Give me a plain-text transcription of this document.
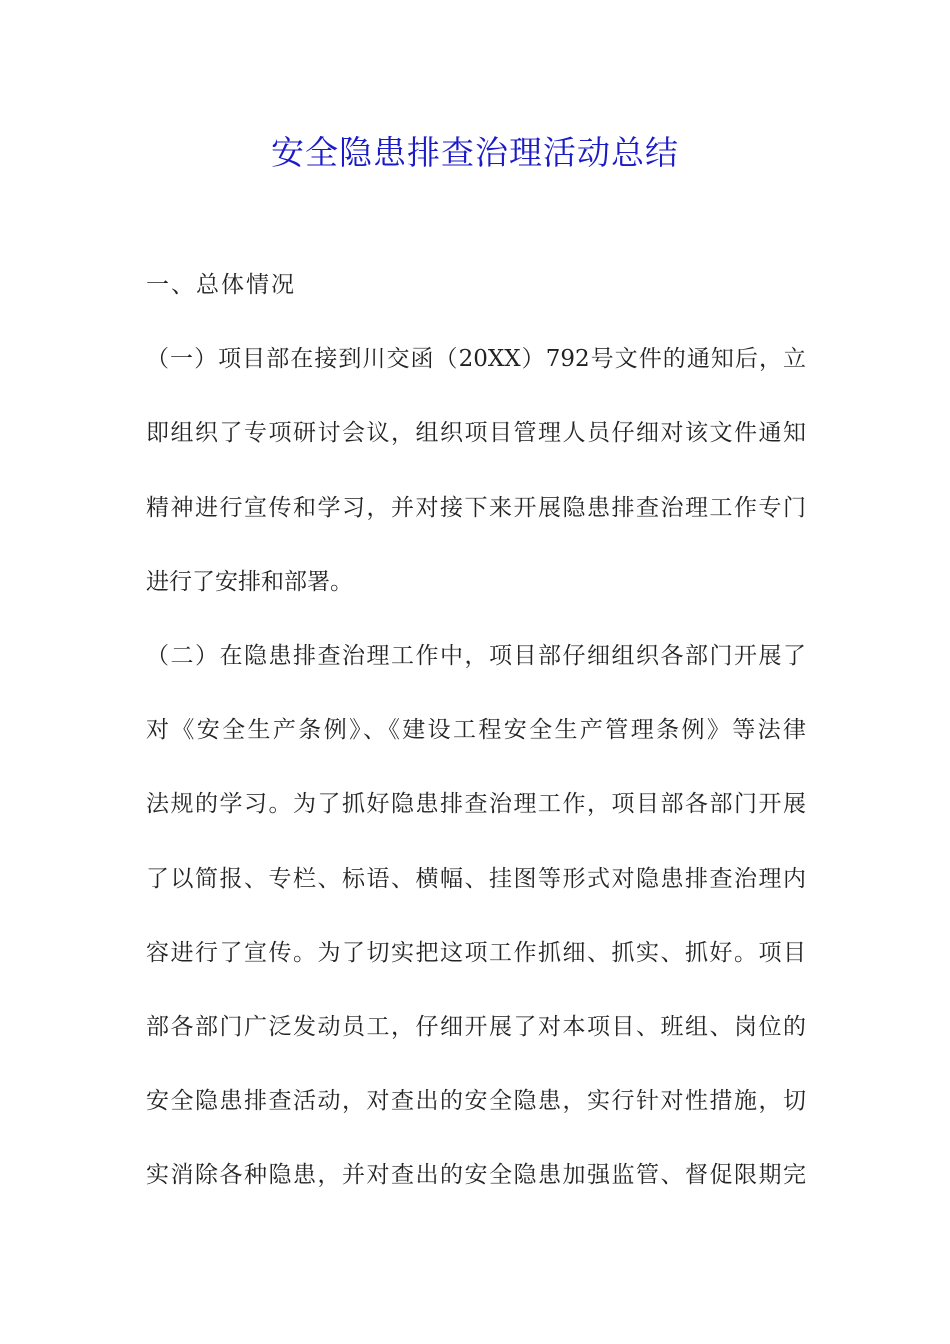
安全隐患排查治理活动总结
一、总体情况
（一）项目部在接到川交函（20XX）792号文件的通知后，立
即组织了专项研讨会议，组织项目管理人员仔细对该文件通知
精神进行宣传和学习，并对接下来开展隐患排查治理工作专门
进行了安排和部署。
（二）在隐患排查治理工作中，项目部仔细组织各部门开展了
对《安全生产条例》、《建设工程安全生产管理条例》等法律
法规的学习。为了抓好隐患排查治理工作，项目部各部门开展
了以简报、专栏、标语、横幅、挂图等形式对隐患排查治理内
容进行了宣传。为了切实把这项工作抓细、抓实、抓好。项目
部各部门广泛发动员工，仔细开展了对本项目、班组、岗位的
安全隐患排查活动，对查出的安全隐患，实行针对性措施，切
实消除各种隐患，并对查出的安全隐患加强监管、督促限期完
